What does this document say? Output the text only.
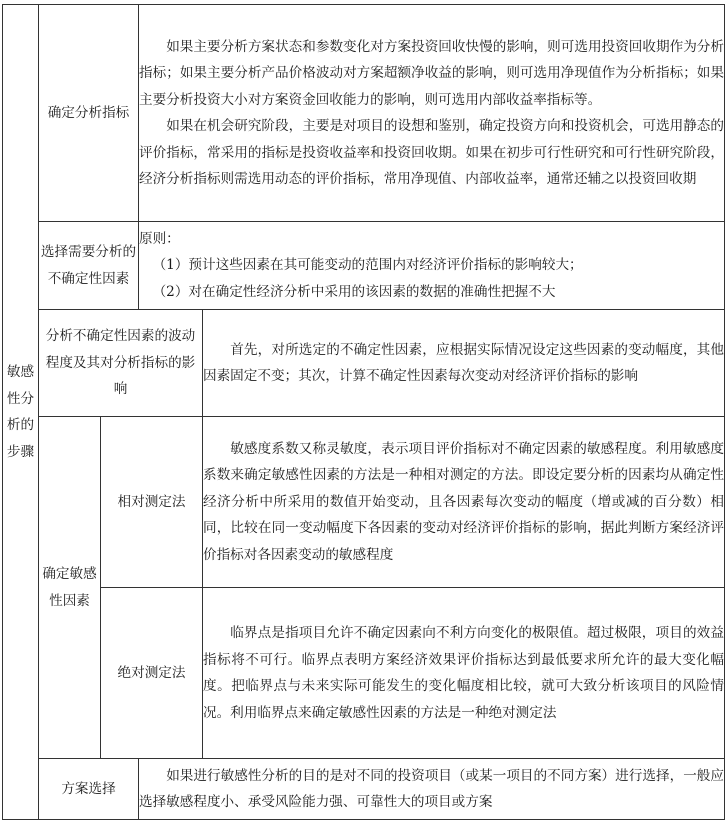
敏感性分析的步骤	确定分析指标		如果主要分析方案状态和参数变化对方案投资回收快慢的影响，则可选用投资回收期作为分析指标；如果主要分析产品价格波动对方案超额净收益的影响，则可选用净现值作为分析指标；如果主要分析投资大小对方案资金回收能力的影响，则可选用内部收益率指标等。

如果在机会研究阶段，主要是对项目的设想和鉴别，确定投资方向和投资机会，可选用静态的评价指标，常采用的指标是投资收益率和投资回收期。如果在初步可行性研究和可行性研究阶段，经济分析指标则需选用动态的评价指标，常用净现值、内部收益率，通常还辅之以投资回收期	

	选择需要分析的不确定性因素		原则：

（1）预计这些因素在其可能变动的范围内对经济评价指标的影响较大；

（2）对在确定性经济分析中采用的该因素的数据的准确性把握不大	

	分析不确定性因素的波动程度及其对分析指标的影响			首先，对所选定的不确定性因素，应根据实际情况设定这些因素的变动幅度，其他因素固定不变；其次，计算不确定性因素每次变动对经济评价指标的影响

	确定敏感性因素	相对测定法		敏感度系数又称灵敏度，表示项目评价指标对不确定因素的敏感程度。利用敏感度系数来确定敏感性因素的方法是一种相对测定的方法。即设定要分析的因素均从确定性经济分析中所采用的数值开始变动，且各因素每次变动的幅度（增或减的百分数）相同，比较在同一变动幅度下各因素的变动对经济评价指标的影响，据此判断方案经济评价指标对各因素变动的敏感程度

		绝对测定法		临界点是指项目允许不确定因素向不利方向变化的极限值。超过极限，项目的效益指标将不可行。临界点表明方案经济效果评价指标达到最低要求所允许的最大变化幅度。把临界点与未来实际可能发生的变化幅度相比较，就可大致分析该项目的风险情况。利用临界点来确定敏感性因素的方法是一种绝对测定法

	方案选择		如果进行敏感性分析的目的是对不同的投资项目（或某一项目的不同方案）进行选择，一般应选择敏感程度小、承受风险能力强、可靠性大的项目或方案	
